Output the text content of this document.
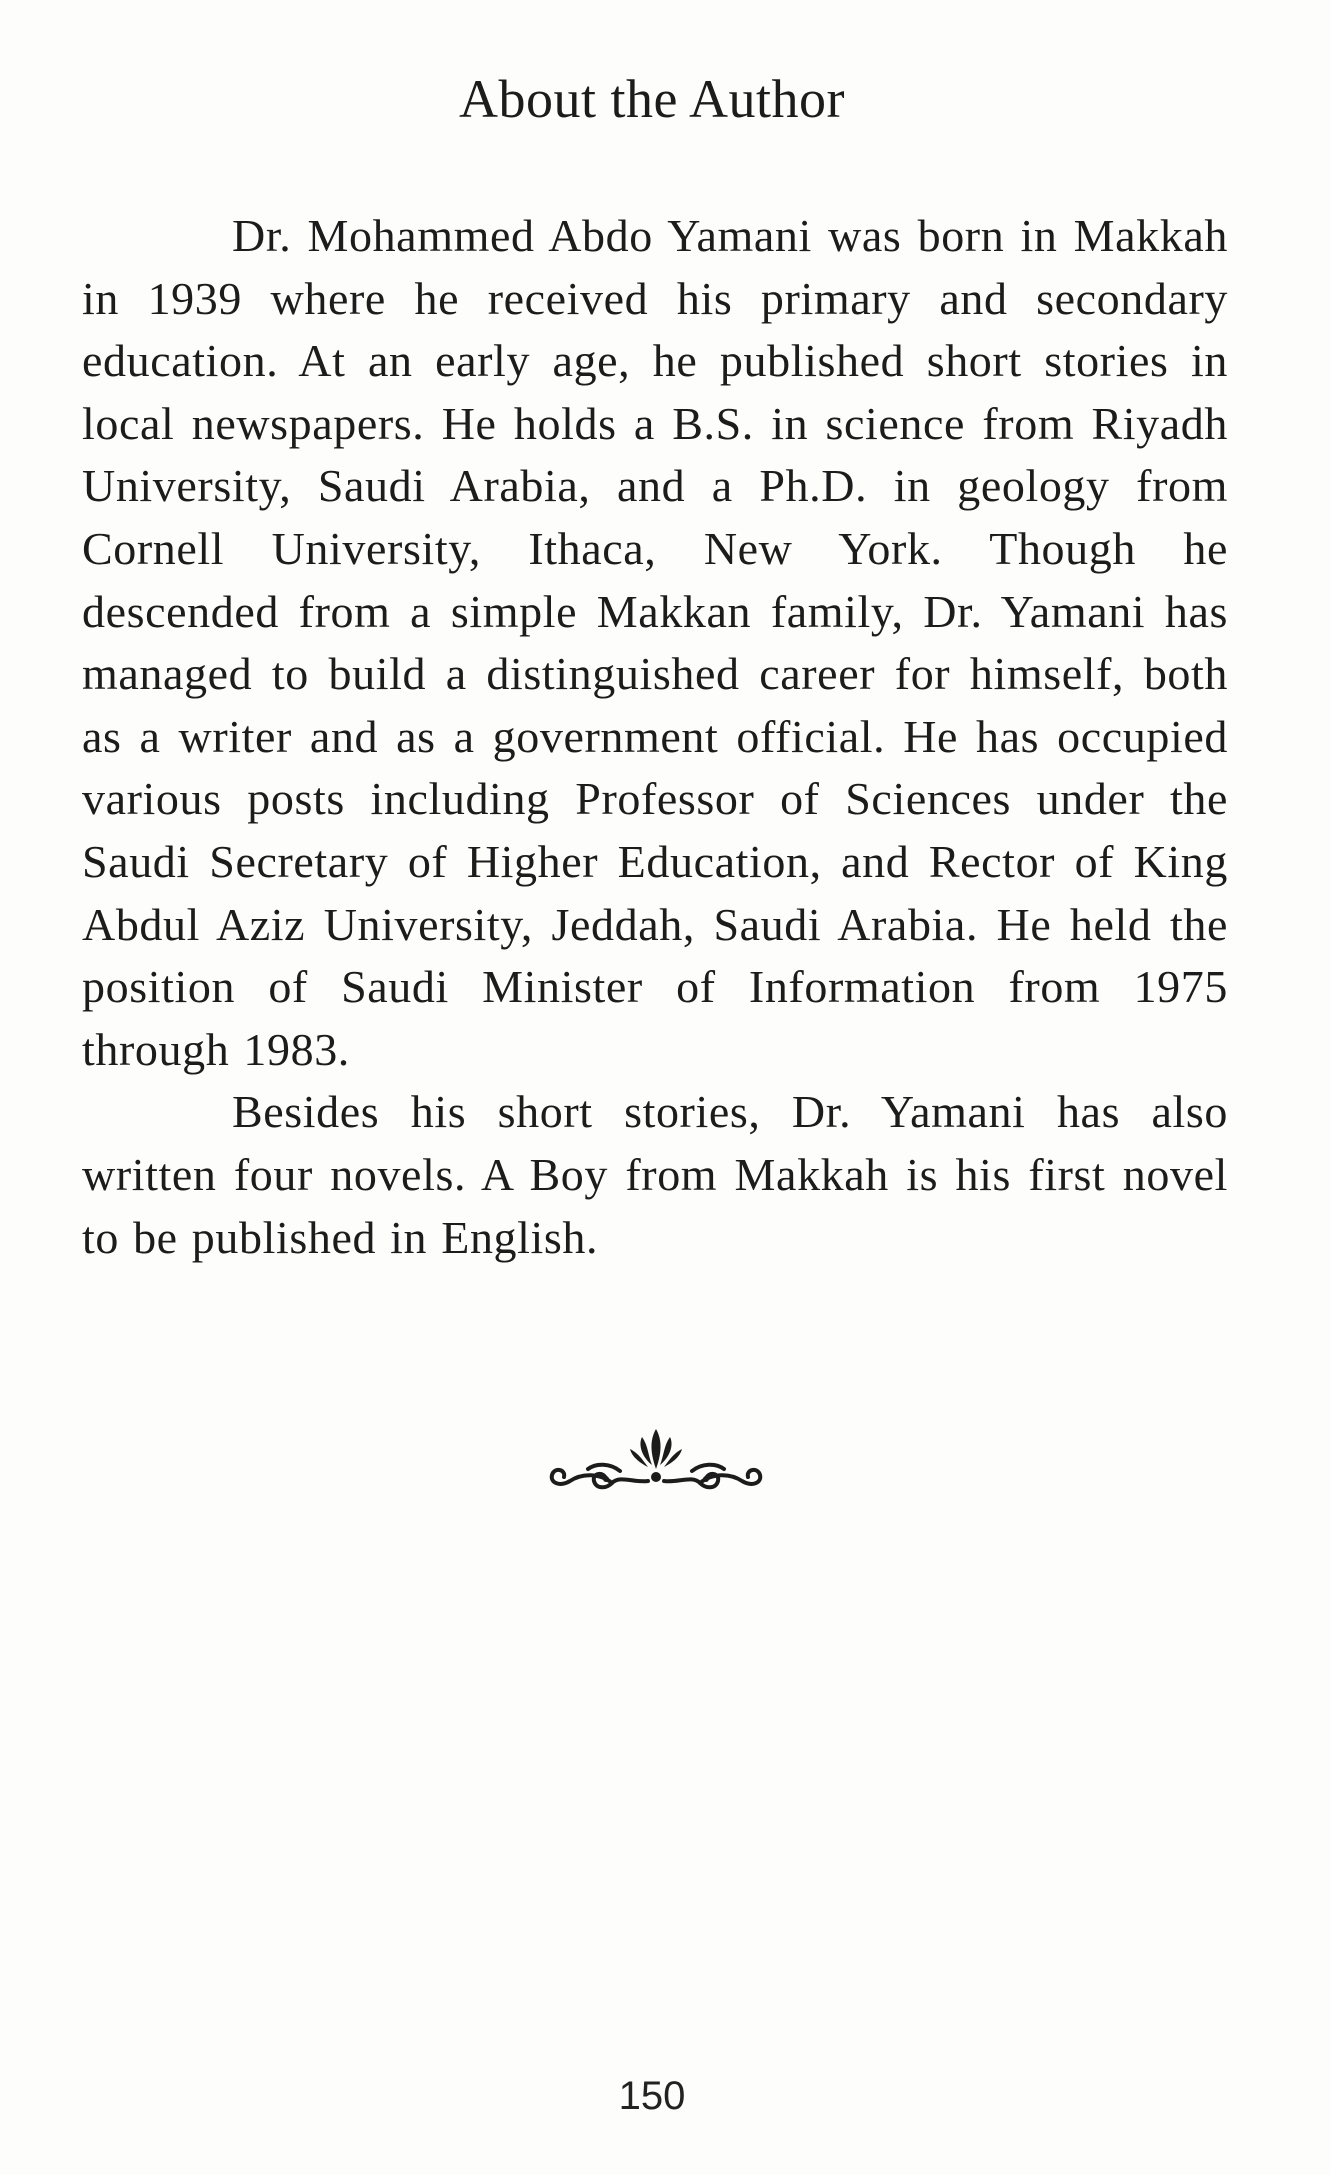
About the Author

Dr. Mohammed Abdo Yamani was born in Makkah in 1939 where he received his primary and secondary education. At an early age, he published short stories in local newspapers. He holds a B.S. in science from Riyadh University, Saudi Arabia, and a Ph.D. in geology from Cornell University, Ithaca, New York. Though he descended from a simple Makkan family, Dr. Yamani has managed to build a distinguished career for himself, both as a writer and as a government official. He has occupied various posts including Professor of Sciences under the Saudi Secretary of Higher Education, and Rector of King Abdul Aziz University, Jeddah, Saudi Arabia. He held the position of Saudi Minister of Information from 1975 through 1983.

Besides his short stories, Dr. Yamani has also written four novels. A Boy from Makkah is his first novel to be published in English.

150
